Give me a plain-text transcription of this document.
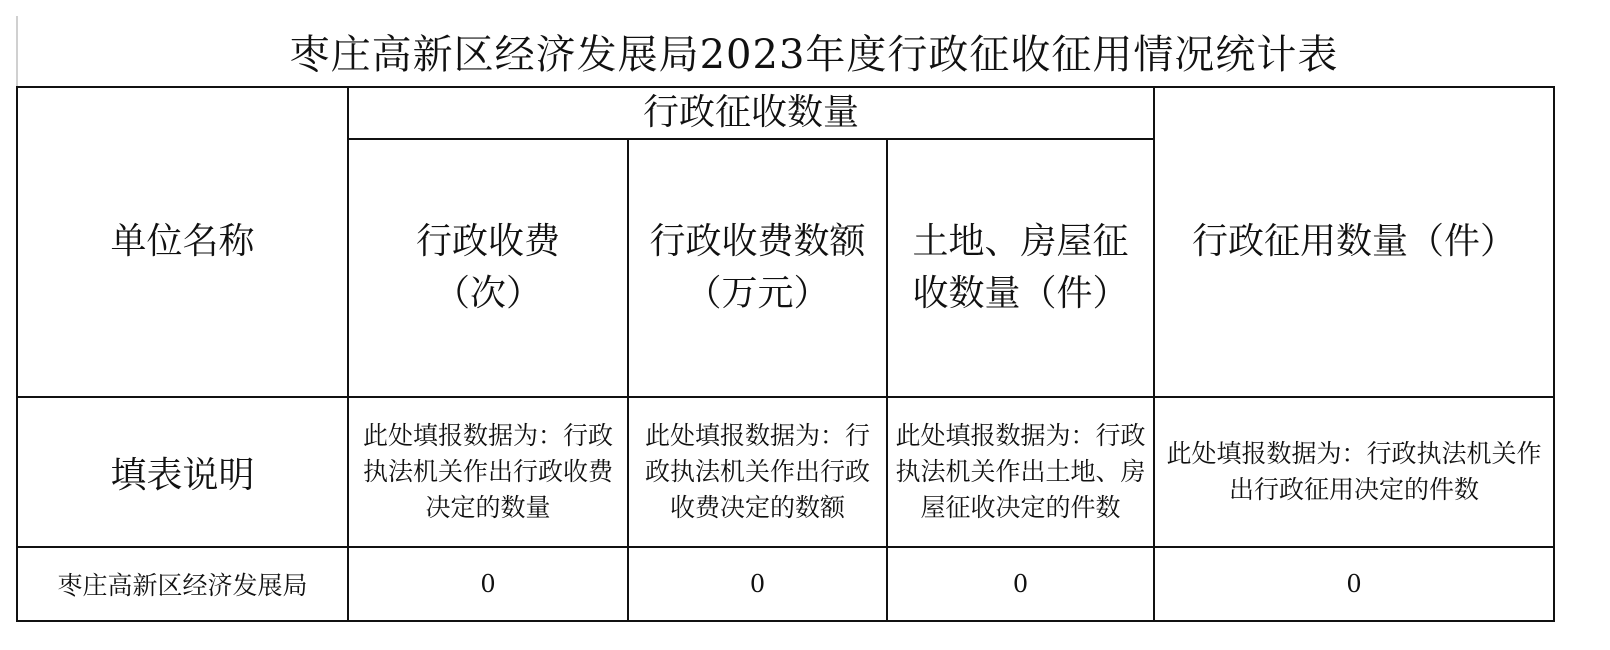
枣庄高新区经济发展局2023年度行政征收征用情况统计表
单位名称	行政征收数量			行政征用数量（件）
	行政收费（次）	行政收费数额（万元）	土地、房屋征收数量（件）	
填表说明	此处填报数据为：行政执法机关作出行政收费决定的数量	此处填报数据为：行政执法机关作出行政收费决定的数额	此处填报数据为：行政执法机关作出土地、房屋征收决定的件数	此处填报数据为：行政执法机关作出行政征用决定的件数
枣庄高新区经济发展局	0	0	0	0
